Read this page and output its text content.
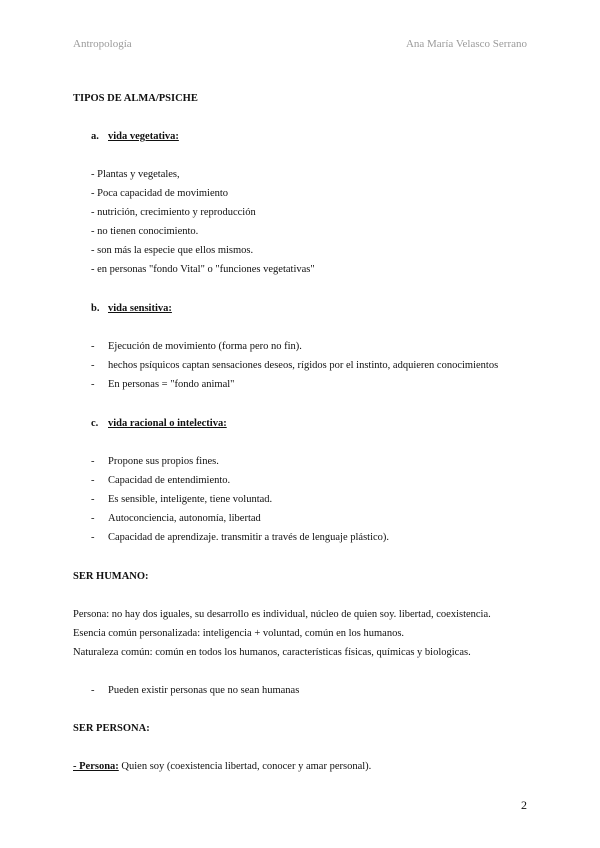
Antropología	Ana María Velasco Serrano
TIPOS DE ALMA/PSICHE
a. vida vegetativa:
- Plantas y vegetales,
- Poca capacidad de movimiento
- nutrición, crecimiento y reproducción
- no tienen conocimiento.
- son más la especie que ellos mismos.
- en personas "fondo Vital" o "funciones vegetativas"
b. vida sensitiva:
- Ejecución de movimiento (forma pero no fin).
- hechos psíquicos captan sensaciones deseos, rígidos por el instinto, adquieren conocimientos
- En personas = "fondo animal"
c. vida racional o intelectiva:
- Propone sus propios fines.
- Capacidad de entendimiento.
- Es sensible, inteligente, tiene voluntad.
- Autoconciencia, autonomía, libertad
- Capacidad de aprendizaje. transmitir a través de lenguaje plástico).
SER HUMANO:
Persona: no hay dos iguales, su desarrollo es individual, núcleo de quien soy. libertad, coexistencia.
Esencia común personalizada: inteligencia + voluntad, común en los humanos.
Naturaleza común: común en todos los humanos, características físicas, químicas y biologicas.
- Pueden existir personas que no sean humanas
SER PERSONA:
- Persona: Quien soy (coexistencia libertad, conocer y amar personal).
2
